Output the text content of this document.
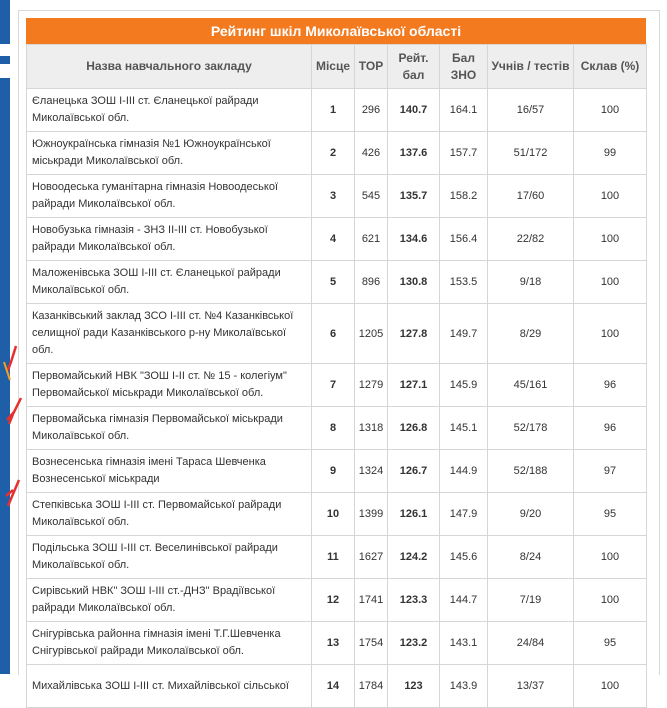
Рейтинг шкіл Миколаївської області
Назва навчального закладу	Місце	TOP	Рейт. бал	Бал ЗНО	Учнів / тестів	Склав (%)
Єланецька ЗОШ І-ІІІ ст. Єланецької райради Миколаївської обл.	1	296	140.7	164.1	16/57	100
Южноукраїнська гімназія №1 Южноукраїнської міськради Миколаївської обл.	2	426	137.6	157.7	51/172	99
Новоодеська гуманітарна гімназія Новоодеської райради Миколаївської обл.	3	545	135.7	158.2	17/60	100
Новобузька гімназія - ЗНЗ ІІ-ІІІ ст. Новобузької райради Миколаївської обл.	4	621	134.6	156.4	22/82	100
Маложенівська ЗОШ І-ІІІ ст. Єланецької райради Миколаївської обл.	5	896	130.8	153.5	9/18	100
Казанківський заклад ЗСО І-ІІІ ст. №4 Казанківської селищної ради Казанківського р-ну Миколаївської обл.	6	1205	127.8	149.7	8/29	100
Первомайський НВК "ЗОШ І-ІІ ст. № 15 - колегіум" Первомайської міськради Миколаївської обл.	7	1279	127.1	145.9	45/161	96
Первомайська гімназія Первомайської міськради Миколаївської обл.	8	1318	126.8	145.1	52/178	96
Вознесенська гімназія імені Тараса Шевченка Вознесенської міськради	9	1324	126.7	144.9	52/188	97
Степківська ЗОШ І-ІІІ ст. Первомайської райради Миколаївської обл.	10	1399	126.1	147.9	9/20	95
Подільська ЗОШ І-ІІІ ст. Веселинівської райради Миколаївської обл.	11	1627	124.2	145.6	8/24	100
Сирівський НВК" ЗОШ І-ІІІ ст.-ДНЗ" Врадіївської райради Миколаївської обл.	12	1741	123.3	144.7	7/19	100
Снігурівська районна гімназія імені Т.Г.Шевченка Снігурівської райради Миколаївської обл.	13	1754	123.2	143.1	24/84	95
Михайлівська ЗОШ І-ІІІ ст. Михайлівської сільської	14	1784	123	143.9	13/37	100
